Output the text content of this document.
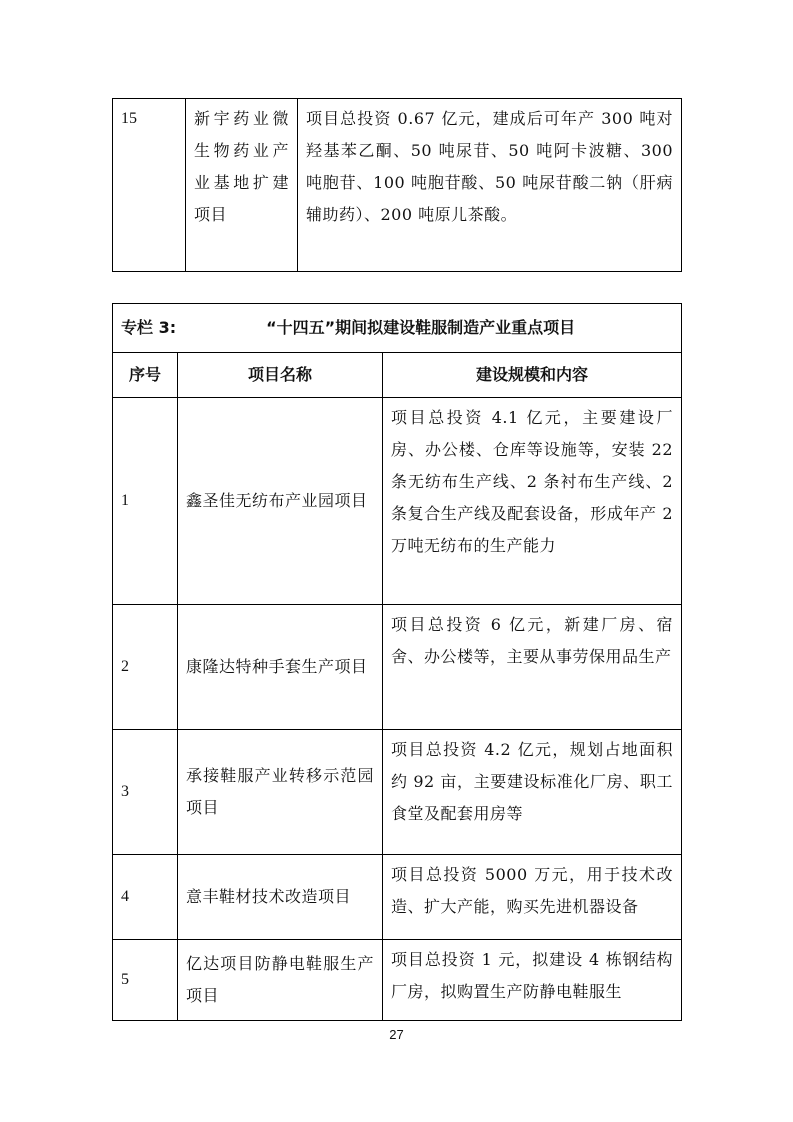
15	新宇药业微生物药业产业基地扩建项目	项目总投资 0.67 亿元，建成后可年产 300 吨对羟基苯乙酮、50 吨尿苷、50 吨阿卡波糖、300 吨胞苷、100 吨胞苷酸、50 吨尿苷酸二钠（肝病辅助药）、200 吨原儿茶酸。
专栏 3: “十四五”期间拟建设鞋服制造产业重点项目		
序号	项目名称	建设规模和内容
1	鑫圣佳无纺布产业园项目	项目总投资 4.1 亿元，主要建设厂房、办公楼、仓库等设施等，安装 22 条无纺布生产线、2 条衬布生产线、2 条复合生产线及配套设备，形成年产 2 万吨无纺布的生产能力
2	康隆达特种手套生产项目	项目总投资 6 亿元，新建厂房、宿舍、办公楼等，主要从事劳保用品生产
3	承接鞋服产业转移示范园项目	项目总投资 4.2 亿元，规划占地面积约 92 亩，主要建设标准化厂房、职工食堂及配套用房等
4	意丰鞋材技术改造项目	项目总投资 5000 万元，用于技术改造、扩大产能，购买先进机器设备
5	亿达项目防静电鞋服生产项目	项目总投资 1 元，拟建设 4 栋钢结构厂房，拟购置生产防静电鞋服生
27
